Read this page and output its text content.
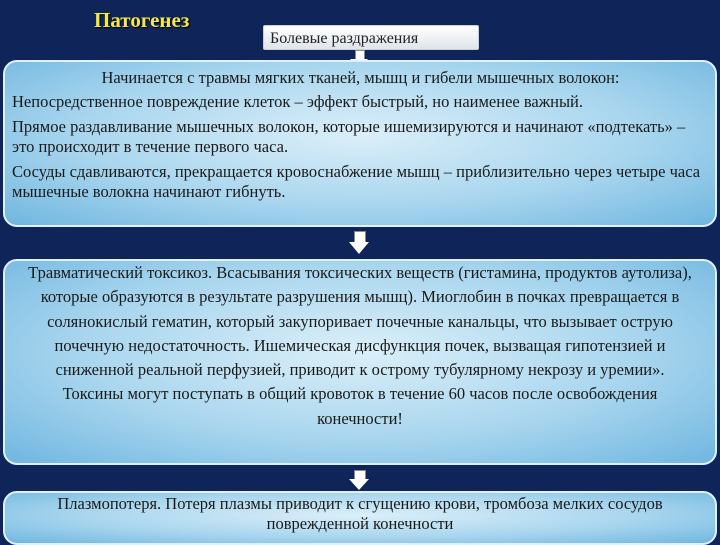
Патогенез
Болевые раздражения

Начинается с травмы мягких тканей, мышц и гибели мышечных волокон:

Непосредственное повреждение клеток – эффект быстрый, но наименее важный.

Прямое раздавливание мышечных волокон, которые ишемизируются и начинают «подтекать» – это происходит в течение первого часа.

Сосуды сдавливаются, прекращается кровоснабжение мышц – приблизительно через четыре часа мышечные волокна начинают гибнуть.

Травматический токсикоз. Всасывания токсических веществ (гистамина, продуктов аутолиза), которые образуются в результате разрушения мышц). Миоглобин в почках превращается в солянокислый гематин, который закупоривает почечные канальцы, что вызывает острую почечную недостаточность. Ишемическая дисфункция почек, вызващая гипотензией и сниженной реальной перфузией, приводит к острому тубулярному некрозу и уремии».

Токсины могут поступать в общий кровоток в течение 60 часов после освобождения конечности!

Плазмопотеря. Потеря плазмы приводит к сгущению крови, тромбоза мелких сосудов поврежденной конечности
